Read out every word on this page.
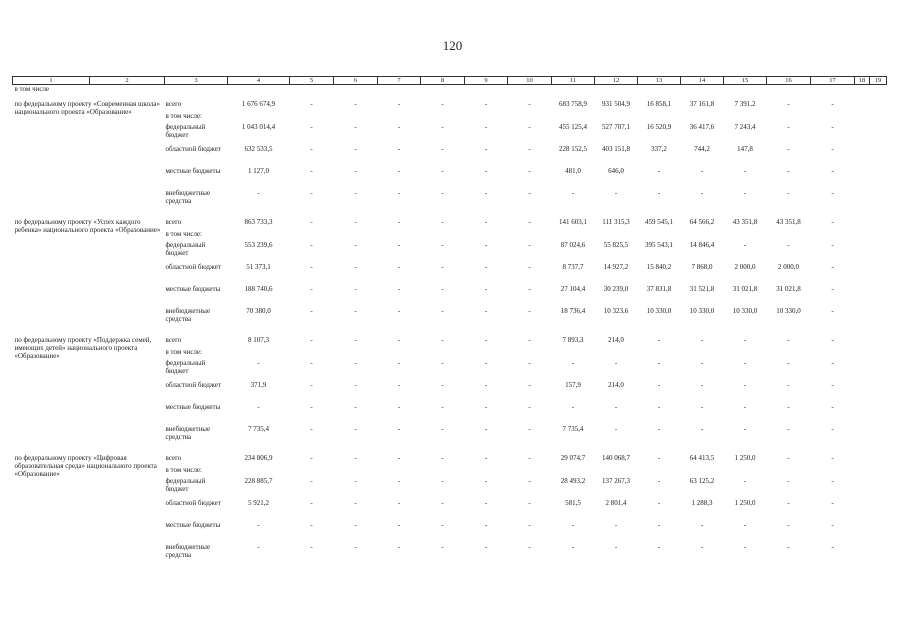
120
1	2	3	4	5	6	7	8	9	10	11	12	13	14	15	16	17	18	19
в том числе																		

по федеральному проекту «Современная школа» национального проекта «Образование»		всего	1 676 674,9	-	-	-	-	-	-	683 758,9	931 504,9	16 858,1	37 161,8	7 391,2	-	-		
		в том числе:																
		федеральный бюджет	1 043 014,4	-	-	-	-	-	-	455 125,4	527 707,1	16 520,9	36 417,6	7 243,4	-	-		
		областной бюджет	632 533,5	-	-	-	-	-	-	228 152,5	403 151,8	337,2	744,2	147,8	-	-		
		местные бюджеты	1 127,0	-	-	-	-	-	-	481,0	646,0	-	-	-	-	-		
		внебюджетные средства	-	-	-	-	-	-	-	-	-	-	-	-	-	-		

по федеральному проекту «Успех каждого ребенка» национального проекта «Образование»		всего	863 733,3	-	-	-	-	-	-	141 603,1	111 315,3	459 545,1	64 566,2	43 351,8	43 351,8	-		
		в том числе:																
		федеральный бюджет	553 239,6	-	-	-	-	-	-	87 024,6	55 825,5	395 543,1	14 846,4	-	-	-		
		областной бюджет	51 373,1	-	-	-	-	-	-	8 737,7	14 927,2	15 840,2	7 868,0	2 000,0	2 000,0	-		
		местные бюджеты	188 740,6	-	-	-	-	-	-	27 104,4	30 239,0	37 831,8	31 521,8	31 021,8	31 021,8	-		
		внебюджетные средства	70 380,0	-	-	-	-	-	-	18 736,4	10 323,6	10 330,0	10 330,0	10 330,0	10 330,0	-		

по федеральному проекту «Поддержка семей, имеющих детей» национального проекта «Образование»		всего	8 107,3	-	-	-	-	-	-	7 893,3	214,0	-	-	-	-	-		
		в том числе:																
		федеральный бюджет	-	-	-	-	-	-	-	-	-	-	-	-	-	-		
		областной бюджет	371,9	-	-	-	-	-	-	157,9	214,0	-	-	-	-	-		
		местные бюджеты	-	-	-	-	-	-	-	-	-	-	-	-	-	-		
		внебюджетные средства	7 735,4	-	-	-	-	-	-	7 735,4	-	-	-	-	-	-		

по федеральному проекту «Цифровая образовательная среда» национального проекта «Образование»		всего	234 806,9	-	-	-	-	-	-	29 074,7	140 068,7	-	64 413,5	1 250,0	-	-		
		в том числе:																
		федеральный бюджет	228 885,7	-	-	-	-	-	-	28 493,2	137 267,3	-	63 125,2	-	-	-		
		областной бюджет	5 921,2	-	-	-	-	-	-	581,5	2 801,4	-	1 288,3	1 250,0	-	-		
		местные бюджеты	-	-	-	-	-	-	-	-	-	-	-	-	-	-		
		внебюджетные средства	-	-	-	-	-	-	-	-	-	-	-	-	-	-		
